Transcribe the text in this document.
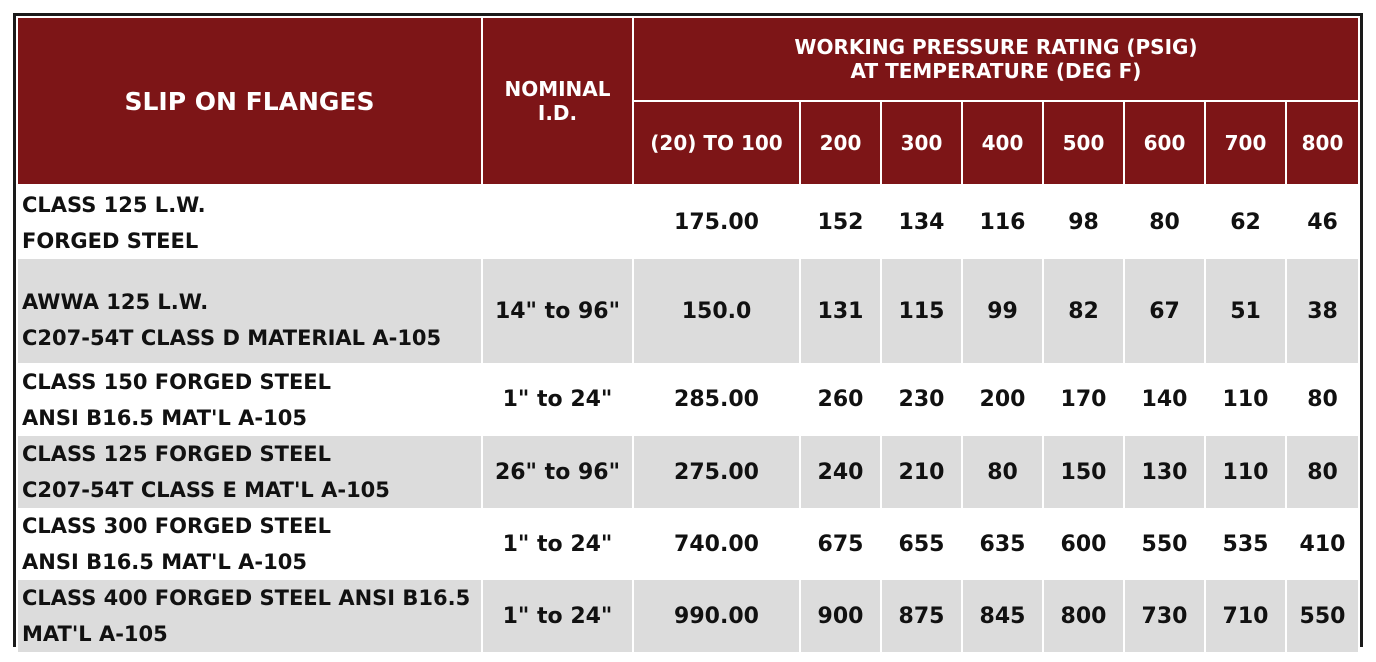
SLIP ON FLANGES	NOMINAL
I.D.	WORKING PRESSURE RATING (PSIG)
AT TEMPERATURE (DEG F)							

		(20) TO 100	200	300	400	500	600	700	800

CLASS 125 L.W.
FORGED STEEL		175.00	152	134	116	98	80	62	46

AWWA 125 L.W.
C207-54T CLASS D MATERIAL A-105	14" to 96"	150.0	131	115	99	82	67	51	38

CLASS 150 FORGED STEEL
ANSI B16.5 MAT'L A-105	1" to 24"	285.00	260	230	200	170	140	110	80

CLASS 125 FORGED STEEL
C207-54T CLASS E MAT'L A-105	26" to 96"	275.00	240	210	80	150	130	110	80

CLASS 300 FORGED STEEL
ANSI B16.5 MAT'L A-105	1" to 24"	740.00	675	655	635	600	550	535	410

CLASS 400 FORGED STEEL ANSI B16.5
MAT'L A-105	1" to 24"	990.00	900	875	845	800	730	710	550
